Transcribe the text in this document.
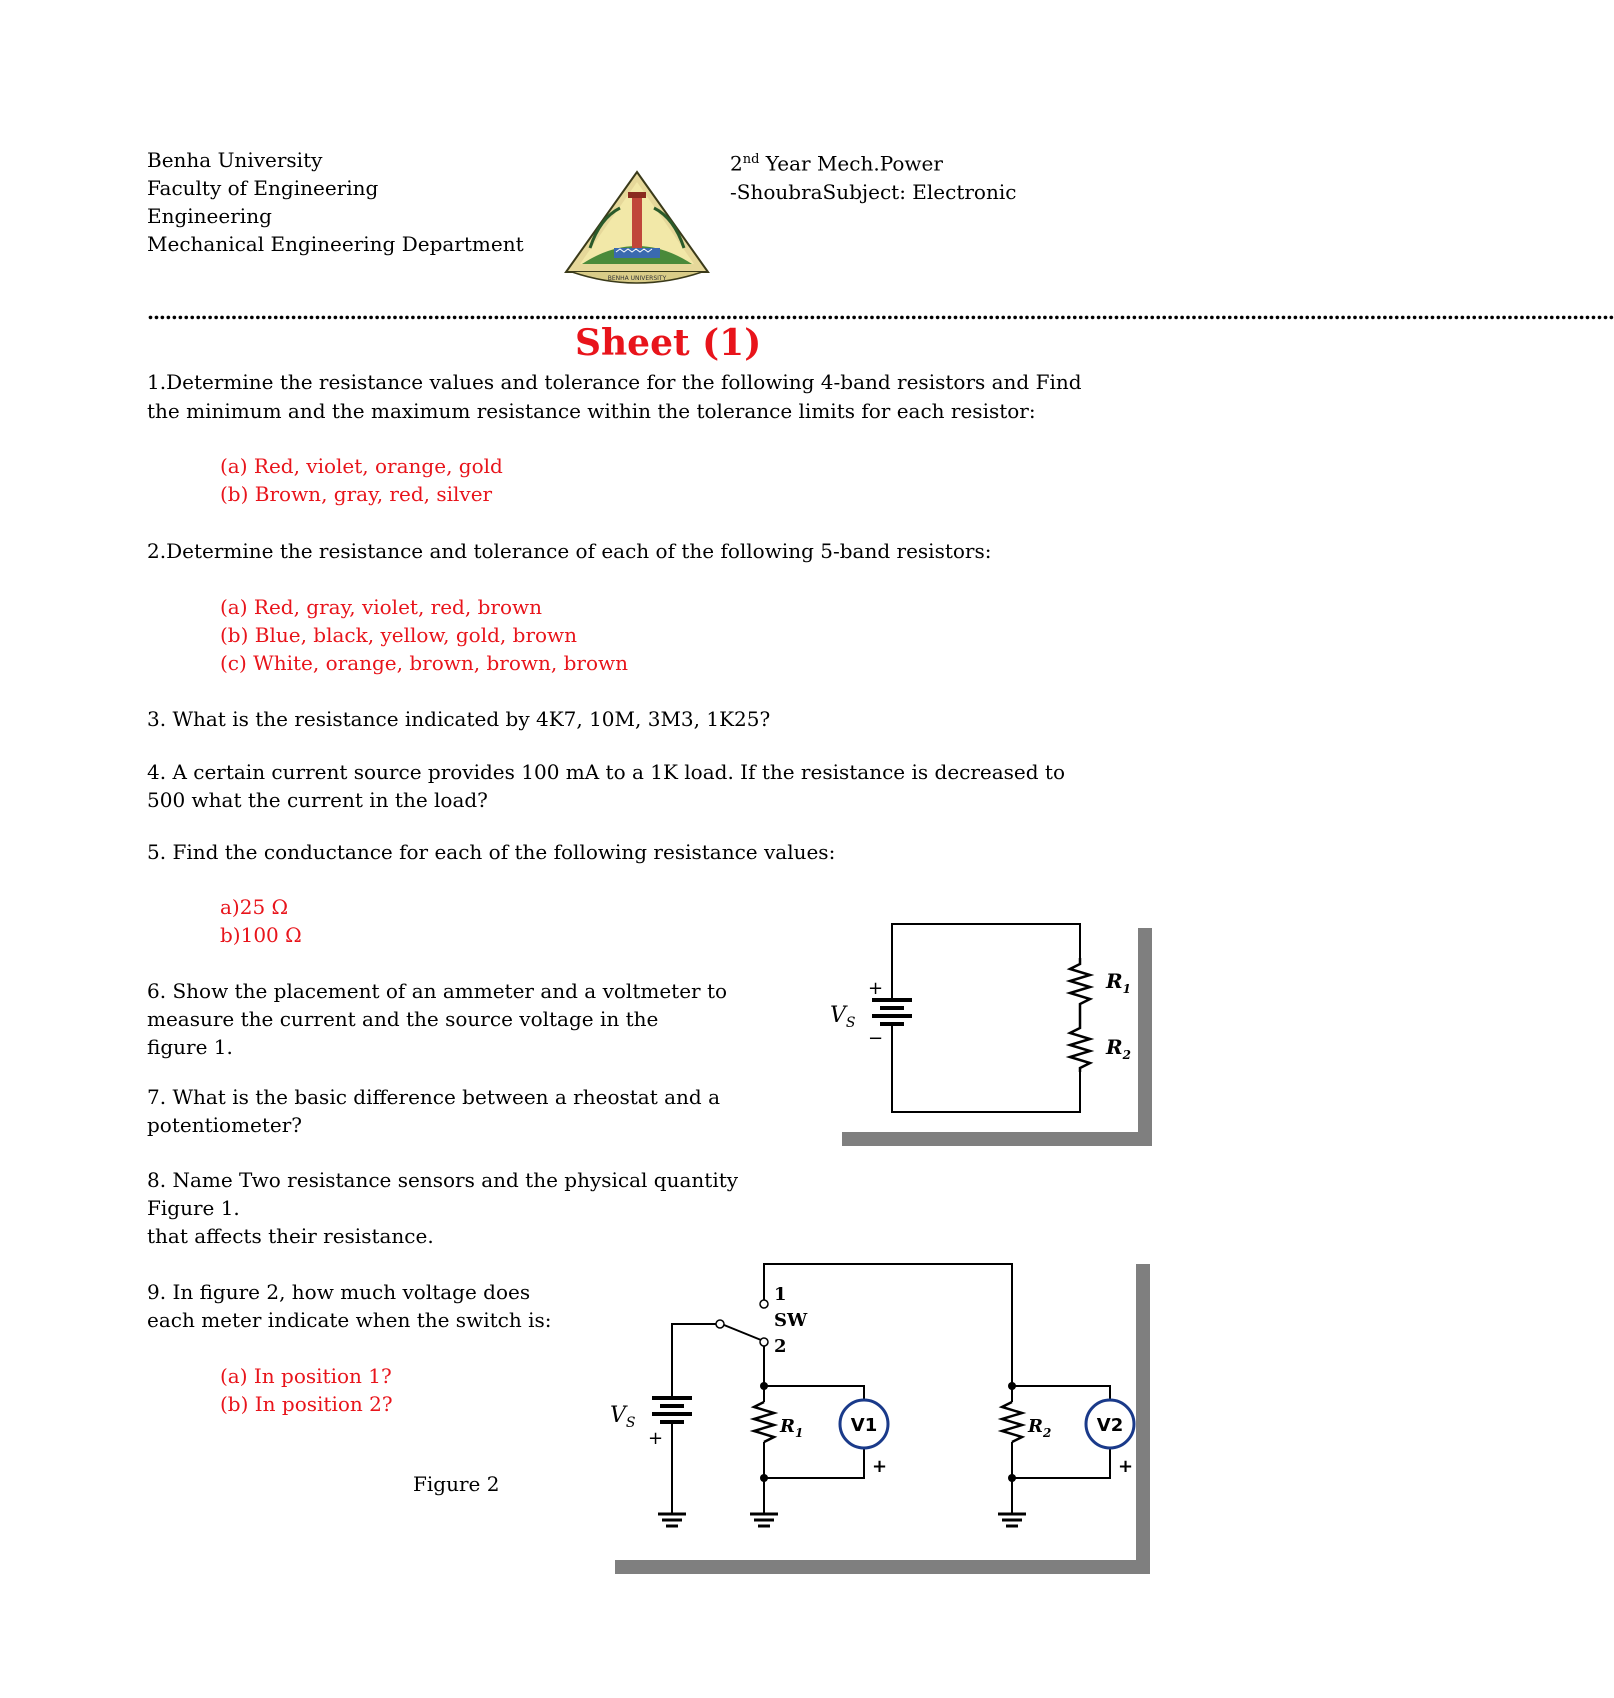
Benha University
Faculty of Engineering
Engineering
Mechanical Engineering Department
2nd Year Mech.Power
-ShoubraSubject: Electronic
BENHA UNIVERSITY
......................................................................................................................................................................................................................................................
Sheet (1)
1.Determine the resistance values and tolerance for the following 4-band resistors and Find
the minimum and the maximum resistance within the tolerance limits for each resistor:
(a) Red, violet, orange, gold
(b) Brown, gray, red, silver
2.Determine the resistance and tolerance of each of the following 5-band resistors:
(a) Red, gray, violet, red, brown
(b) Blue, black, yellow, gold, brown
(c) White, orange, brown, brown, brown
3. What is the resistance indicated by 4K7, 10M, 3M3, 1K25?
4. A certain current source provides 100 mA to a 1K load. If the resistance is decreased to
500 what the current in the load?
5. Find the conductance for each of the following resistance values:
a)25 Ω
b)100 Ω
6. Show the placement of an ammeter and a voltmeter to
measure the current and the source voltage in the
figure 1.
7. What is the basic difference between a rheostat and a
potentiometer?
8. Name Two resistance sensors and the physical quantity
Figure 1.
that affects their resistance.
9. In figure 2, how much voltage does
each meter indicate when the switch is:
(a) In position 1?
(b) In position 2?
Figure 2
+
−
$V_S$
$R_1$
$R_2$
1
SW
2
$V_S$
+
$R_1$	V1
+
$R_2$	V2
+
